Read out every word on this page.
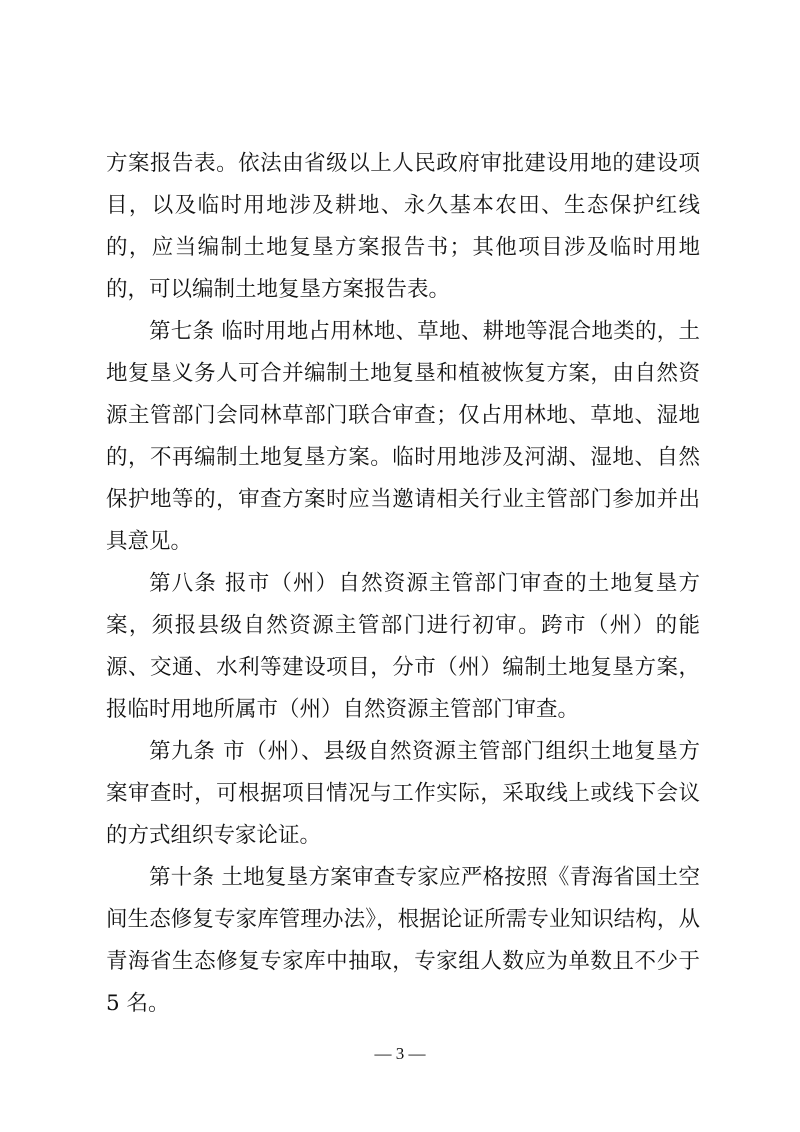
方案报告表。依法由省级以上人民政府审批建设用地的建设项目，以及临时用地涉及耕地、永久基本农田、生态保护红线的，应当编制土地复垦方案报告书；其他项目涉及临时用地的，可以编制土地复垦方案报告表。

第七条 临时用地占用林地、草地、耕地等混合地类的，土地复垦义务人可合并编制土地复垦和植被恢复方案，由自然资源主管部门会同林草部门联合审查；仅占用林地、草地、湿地的，不再编制土地复垦方案。临时用地涉及河湖、湿地、自然保护地等的，审查方案时应当邀请相关行业主管部门参加并出具意见。

第八条 报市（州）自然资源主管部门审查的土地复垦方案，须报县级自然资源主管部门进行初审。跨市（州）的能源、交通、水利等建设项目，分市（州）编制土地复垦方案，报临时用地所属市（州）自然资源主管部门审查。

第九条 市（州）、县级自然资源主管部门组织土地复垦方案审查时，可根据项目情况与工作实际，采取线上或线下会议的方式组织专家论证。

第十条 土地复垦方案审查专家应严格按照《青海省国土空间生态修复专家库管理办法》，根据论证所需专业知识结构，从青海省生态修复专家库中抽取，专家组人数应为单数且不少于 5 名。

— 3 —
